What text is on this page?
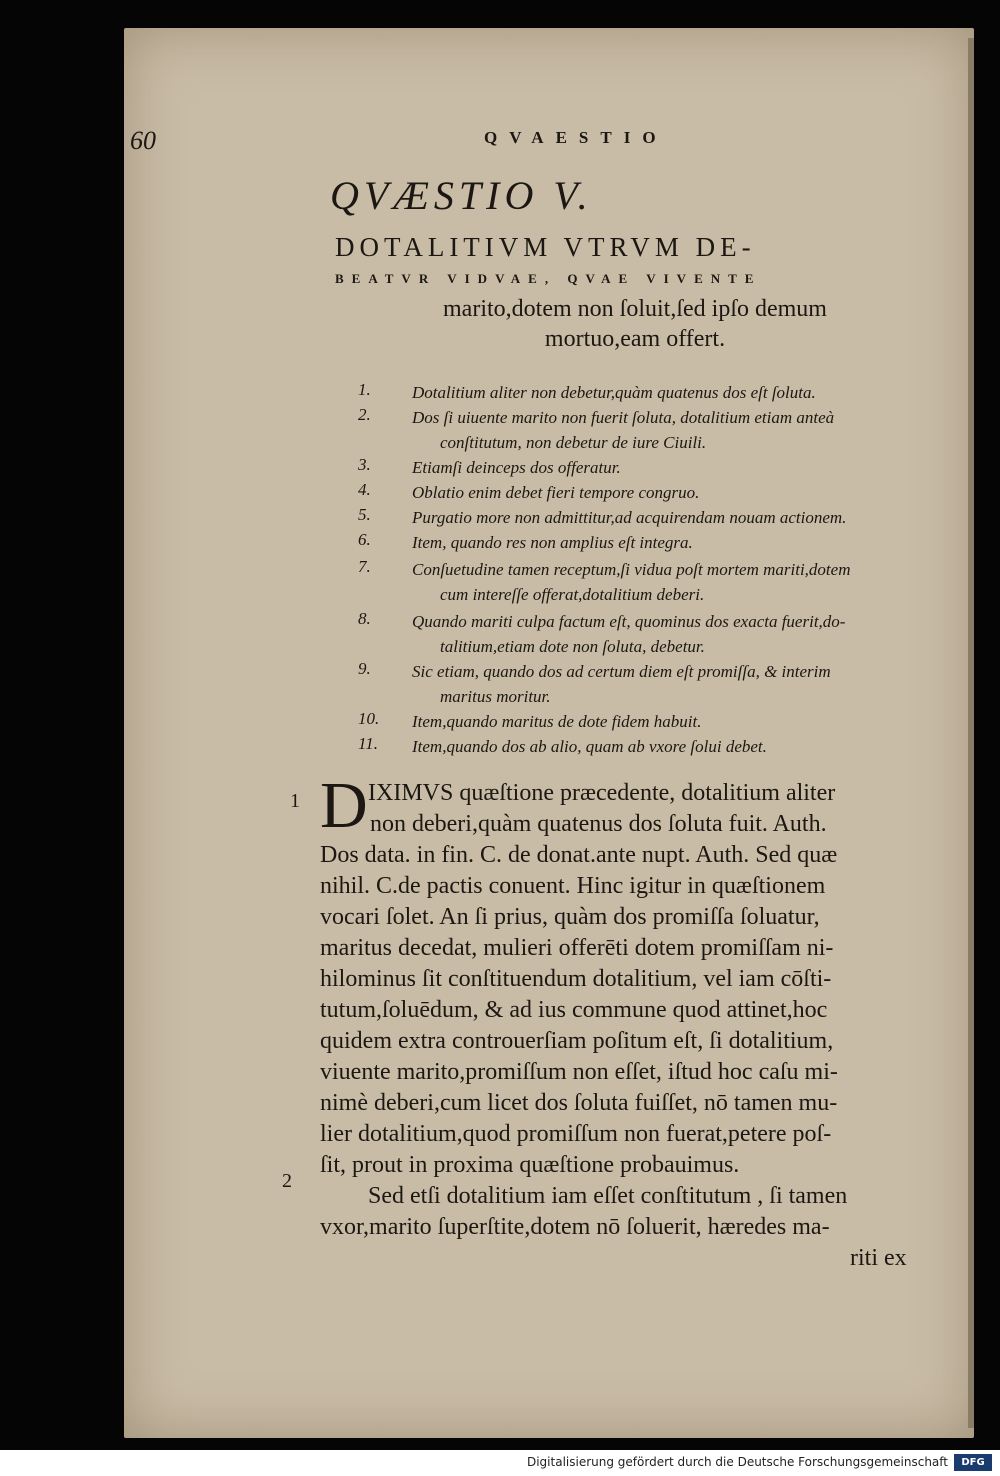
60	QVAESTIO
QVÆSTIO V.
DOTALITIVM VTRVM DE-
BEATVR VIDVAE, QVAE VIVENTE
marito,dotem non ſoluit,ſed ipſo demum
mortuo,eam offert.
1. Dotalitium aliter non debetur,quàm quatenus dos eſt ſoluta.
2. Dos ſi uiuente marito non fuerit ſoluta, dotalitium etiam anteà
conſtitutum, non debetur de iure Ciuili.
3. Etiamſi deinceps dos offeratur.
4. Oblatio enim debet fieri tempore congruo.
5. Purgatio more non admittitur,ad acquirendam nouam actionem.
6. Item, quando res non amplius eſt integra.
7. Conſuetudine tamen receptum,ſi vidua poſt mortem mariti,dotem
cum intereſſe offerat,dotalitium deberi.
8. Quando mariti culpa factum eſt, quominus dos exacta fuerit,do-
talitium,etiam dote non ſoluta, debetur.
9. Sic etiam, quando dos ad certum diem eſt promiſſa, & interim
maritus moritur.
10. Item,quando maritus de dote fidem habuit.
11. Item,quando dos ab alio, quam ab vxore ſolui debet.
1
2
D IXIMVS quæſtione præcedente, dotalitium aliter
non deberi,quàm quatenus dos ſoluta fuit. Auth.
Dos data. in fin. C. de donat.ante nupt. Auth. Sed quæ
nihil. C.de pactis conuent. Hinc igitur in quæſtionem
vocari ſolet. An ſi prius, quàm dos promiſſa ſoluatur,
maritus decedat, mulieri offerēti dotem promiſſam ni-
hilominus ſit conſtituendum dotalitium, vel iam cōſti-
tutum,ſoluēdum, & ad ius commune quod attinet,hoc
quidem extra controuerſiam poſitum eſt, ſi dotalitium,
viuente marito,promiſſum non eſſet, iſtud hoc caſu mi-
nimè deberi,cum licet dos ſoluta fuiſſet, nō tamen mu-
lier dotalitium,quod promiſſum non fuerat,petere poſ-
ſit, prout in proxima quæſtione probauimus.
Sed etſi dotalitium iam eſſet conſtitutum , ſi tamen
vxor,marito ſuperſtite,dotem nō ſoluerit, hæredes ma-
riti ex
Digitalisierung gefördert durch die Deutsche Forschungsgemeinschaft	DFG
